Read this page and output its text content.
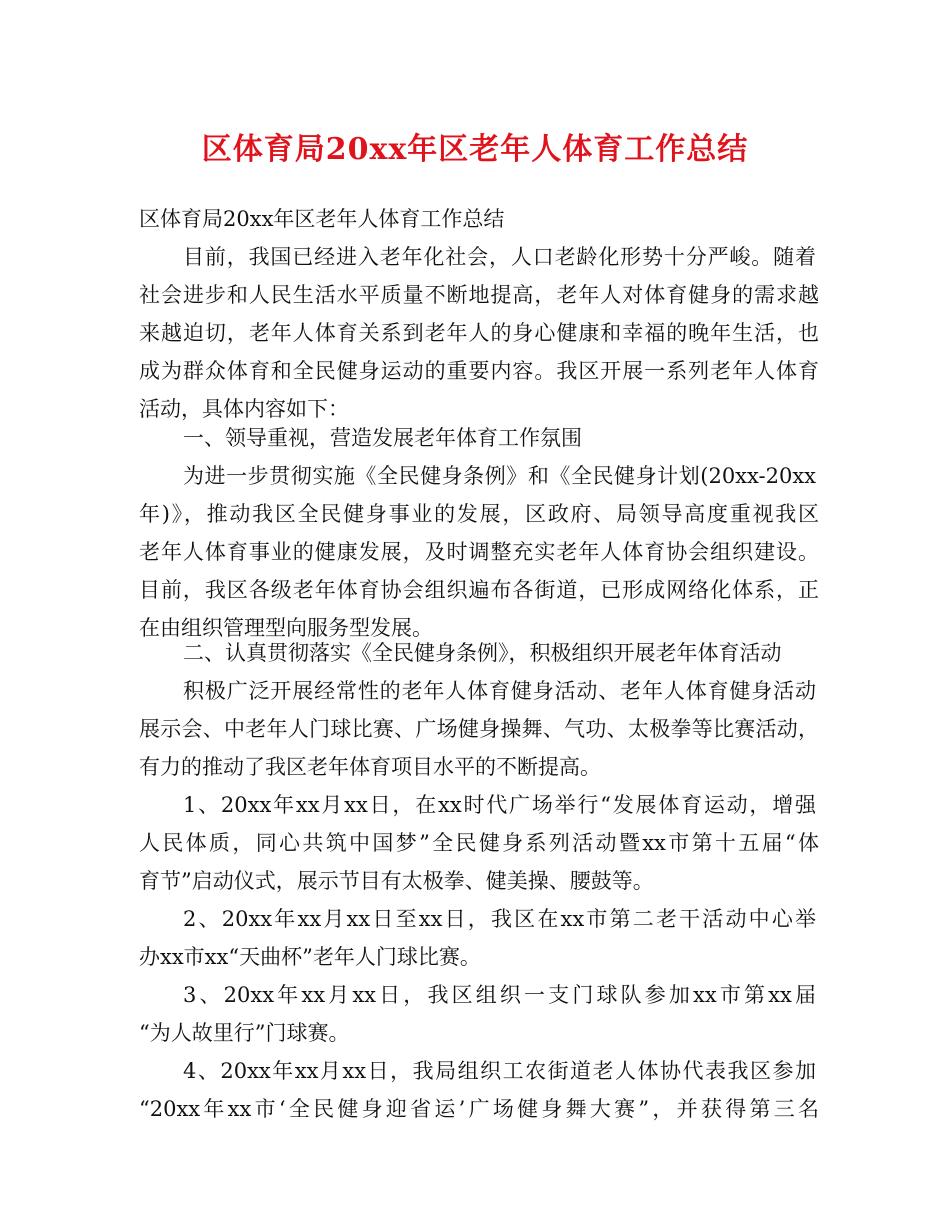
区体育局20xx年区老年人体育工作总结
区体育局20xx年区老年人体育工作总结
目前，我国已经进入老年化社会，人口老龄化形势十分严峻。随着
社会进步和人民生活水平质量不断地提高，老年人对体育健身的需求越
来越迫切，老年人体育关系到老年人的身心健康和幸福的晚年生活，也
成为群众体育和全民健身运动的重要内容。我区开展一系列老年人体育
活动，具体内容如下：
一、领导重视，营造发展老年体育工作氛围
为进一步贯彻实施《全民健身条例》和《全民健身计划(20xx-20xx
年)》，推动我区全民健身事业的发展，区政府、局领导高度重视我区
老年人体育事业的健康发展，及时调整充实老年人体育协会组织建设。
目前，我区各级老年体育协会组织遍布各街道，已形成网络化体系，正
在由组织管理型向服务型发展。
二、认真贯彻落实《全民健身条例》，积极组织开展老年体育活动
积极广泛开展经常性的老年人体育健身活动、老年人体育健身活动
展示会、中老年人门球比赛、广场健身操舞、气功、太极拳等比赛活动，
有力的推动了我区老年体育项目水平的不断提高。
1、20xx年xx月xx日，在xx时代广场举行“发展体育运动，增强
人民体质，同心共筑中国梦”全民健身系列活动暨xx市第十五届“体
育节”启动仪式，展示节目有太极拳、健美操、腰鼓等。
2、20xx年xx月xx日至xx日，我区在xx市第二老干活动中心举
办xx市xx“天曲杯”老年人门球比赛。
3、20xx年xx月xx日，我区组织一支门球队参加xx市第xx届
“为人故里行”门球赛。
4、20xx年xx月xx日，我局组织工农街道老人体协代表我区参加
“20xx年xx市‘全民健身迎省运’广场健身舞大赛”，并获得第三名
